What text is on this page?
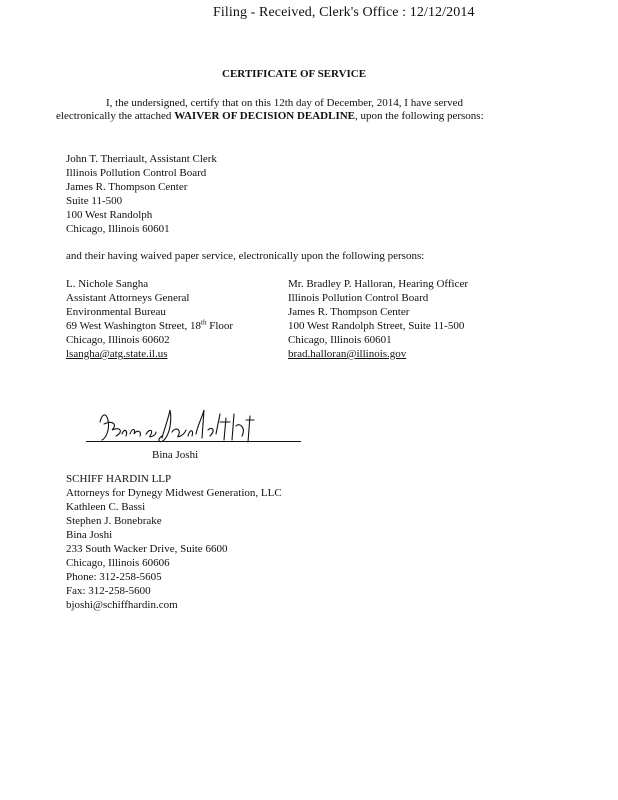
Filing - Received, Clerk's Office : 12/12/2014
CERTIFICATE OF SERVICE
I, the undersigned, certify that on this 12th day of December, 2014, I have served electronically the attached WAIVER OF DECISION DEADLINE, upon the following persons:
John T. Therriault, Assistant Clerk
Illinois Pollution Control Board
James R. Thompson Center
Suite 11-500
100 West Randolph
Chicago, Illinois 60601
and their having waived paper service, electronically upon the following persons:
L. Nichole Sangha
Assistant Attorneys General
Environmental Bureau
69 West Washington Street, 18th Floor
Chicago, Illinois 60602
lsangha@atg.state.il.us
Mr. Bradley P. Halloran, Hearing Officer
Illinois Pollution Control Board
James R. Thompson Center
100 West Randolph Street, Suite 11-500
Chicago, Illinois 60601
brad.halloran@illinois.gov
Bina Joshi
SCHIFF HARDIN LLP
Attorneys for Dynegy Midwest Generation, LLC
Kathleen C. Bassi
Stephen J. Bonebrake
Bina Joshi
233 South Wacker Drive, Suite 6600
Chicago, Illinois 60606
Phone: 312-258-5605
Fax: 312-258-5600
bjoshi@schiffhardin.com
